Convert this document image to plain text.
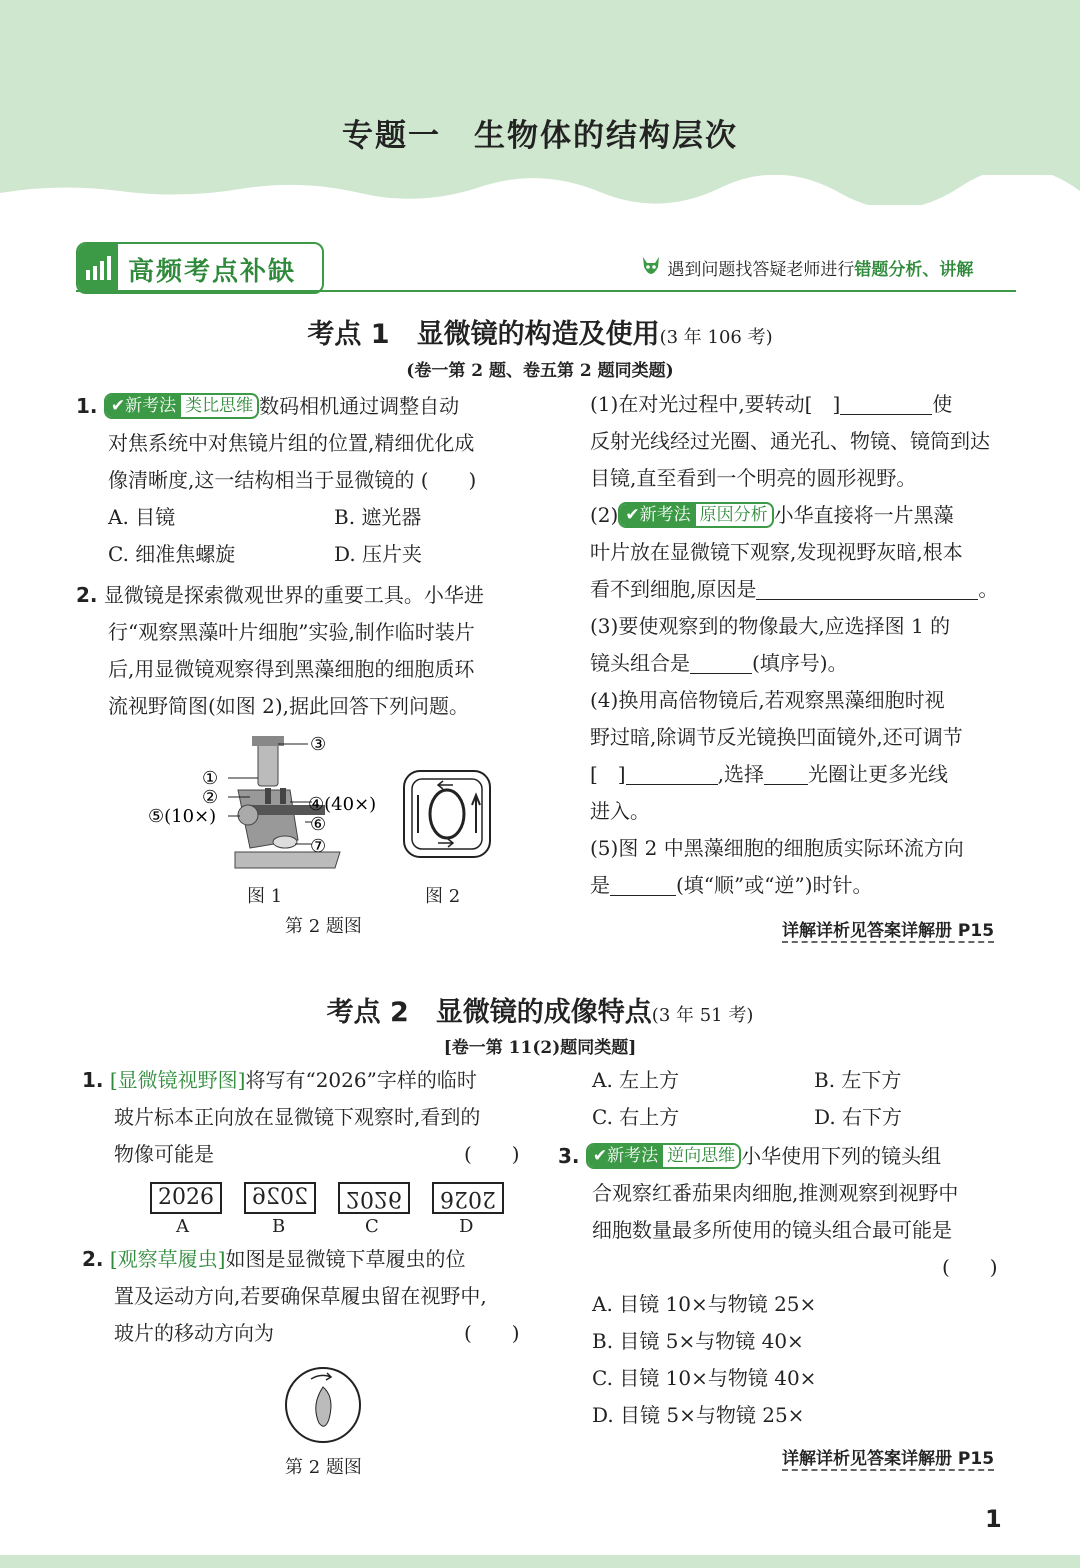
专题一　生物体的结构层次
高频考点补缺	遇到问题找答疑老师进行错题分析、讲解
考点 1　显微镜的构造及使用(3 年 106 考)
(卷一第 2 题、卷五第 2 题同类题)
1. ✔新考法 类比思维 数码相机通过调整自动
对焦系统中对焦镜片组的位置,精细优化成
像清晰度,这一结构相当于显微镜的 (　　)
A. 目镜	B. 遮光器
C. 细准焦螺旋	D. 压片夹
2. 显微镜是探索微观世界的重要工具。小华进
行“观察黑藻叶片细胞”实验,制作临时装片
后,用显微镜观察得到黑藻细胞的细胞质环
流视野简图(如图 2),据此回答下列问题。
③
①
②
⑤(10×)
④(40×)
⑥
⑦
图 1	图 2
第 2 题图
(1)在对光过程中,要转动[　]	使
反射光线经过光圈、通光孔、物镜、镜筒到达
目镜,直至看到一个明亮的圆形视野。
(2) ✔新考法 原因分析 小华直接将一片黑藻
叶片放在显微镜下观察,发现视野灰暗,根本
看不到细胞,原因是	。
(3)要使观察到的物像最大,应选择图 1 的
镜头组合是	(填序号)。
(4)换用高倍物镜后,若观察黑藻细胞时视
野过暗,除调节反光镜换凹面镜外,还可调节
[　]	,选择 光圈让更多光线
进入。
(5)图 2 中黑藻细胞的细胞质实际环流方向
是	(填“顺”或“逆”)时针。
详解详析见答案详解册 P15
考点 2　显微镜的成像特点(3 年 51 考)
[卷一第 11(2)题同类题]
1. [显微镜视野图]将写有“2026”字样的临时
玻片标本正向放在显微镜下观察时,看到的
物像可能是	(　　)
2026	2026	2026	2026
A	B	C	D
2. [观察草履虫]如图是显微镜下草履虫的位
置及运动方向,若要确保草履虫留在视野中,
玻片的移动方向为	(　　)
第 2 题图
A. 左上方	B. 左下方
C. 右上方	D. 右下方
3. ✔新考法 逆向思维 小华使用下列的镜头组
合观察红番茄果肉细胞,推测观察到视野中
细胞数量最多所使用的镜头组合最可能是
(　　)
A. 目镜 10×与物镜 25×
B. 目镜 5×与物镜 40×
C. 目镜 10×与物镜 40×
D. 目镜 5×与物镜 25×
详解详析见答案详解册 P15
1
